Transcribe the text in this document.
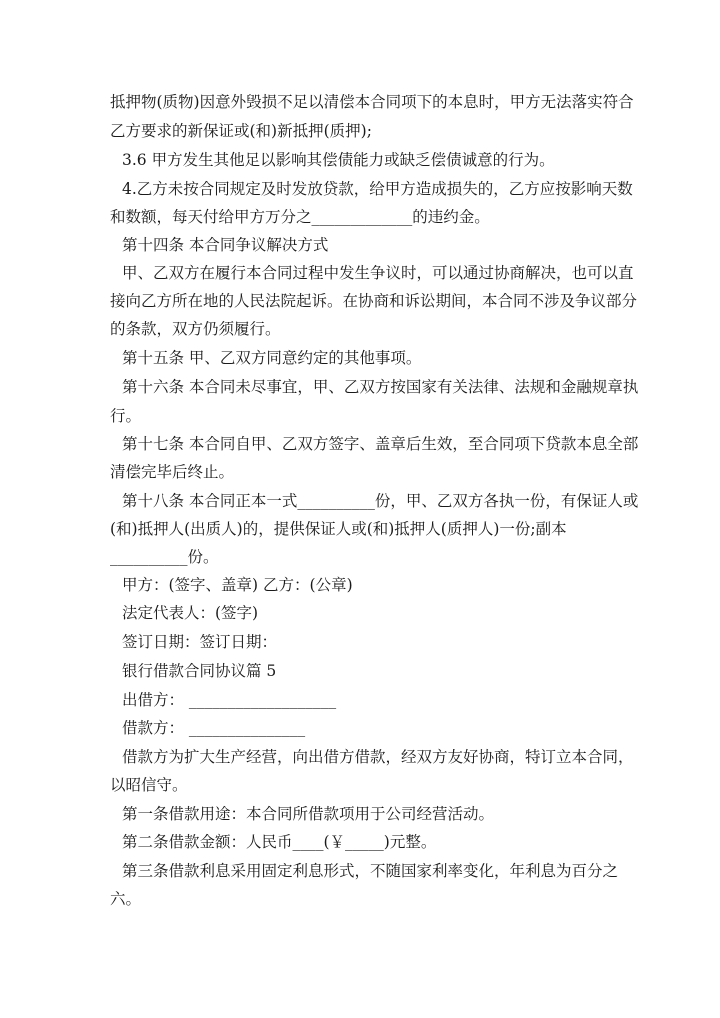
抵押物(质物)因意外毁损不足以清偿本合同项下的本息时，甲方无法落实符合
乙方要求的新保证或(和)新抵押(质押);
3.6 甲方发生其他足以影响其偿债能力或缺乏偿债诚意的行为。
4.乙方未按合同规定及时发放贷款，给甲方造成损失的，乙方应按影响天数
和数额，每天付给甲方万分之_____________的违约金。
第十四条 本合同争议解决方式
甲、乙双方在履行本合同过程中发生争议时，可以通过协商解决，也可以直
接向乙方所在地的人民法院起诉。在协商和诉讼期间，本合同不涉及争议部分
的条款，双方仍须履行。
第十五条 甲、乙双方同意约定的其他事项。
第十六条 本合同未尽事宜，甲、乙双方按国家有关法律、法规和金融规章执
行。
第十七条 本合同自甲、乙双方签字、盖章后生效，至合同项下贷款本息全部
清偿完毕后终止。
第十八条 本合同正本一式__________份，甲、乙双方各执一份，有保证人或
(和)抵押人(出质人)的，提供保证人或(和)抵押人(质押人)一份;副本
__________份。
甲方：(签字、盖章) 乙方：(公章)
法定代表人：(签字)
签订日期：签订日期：
银行借款合同协议篇 5
出借方： ___________________
借款方： _______________
借款方为扩大生产经营，向出借方借款，经双方友好协商，特订立本合同，
以昭信守。
第一条借款用途：本合同所借款项用于公司经营活动。
第二条借款金额：人民币____(￥_____)元整。
第三条借款利息采用固定利息形式，不随国家利率变化，年利息为百分之
六。
